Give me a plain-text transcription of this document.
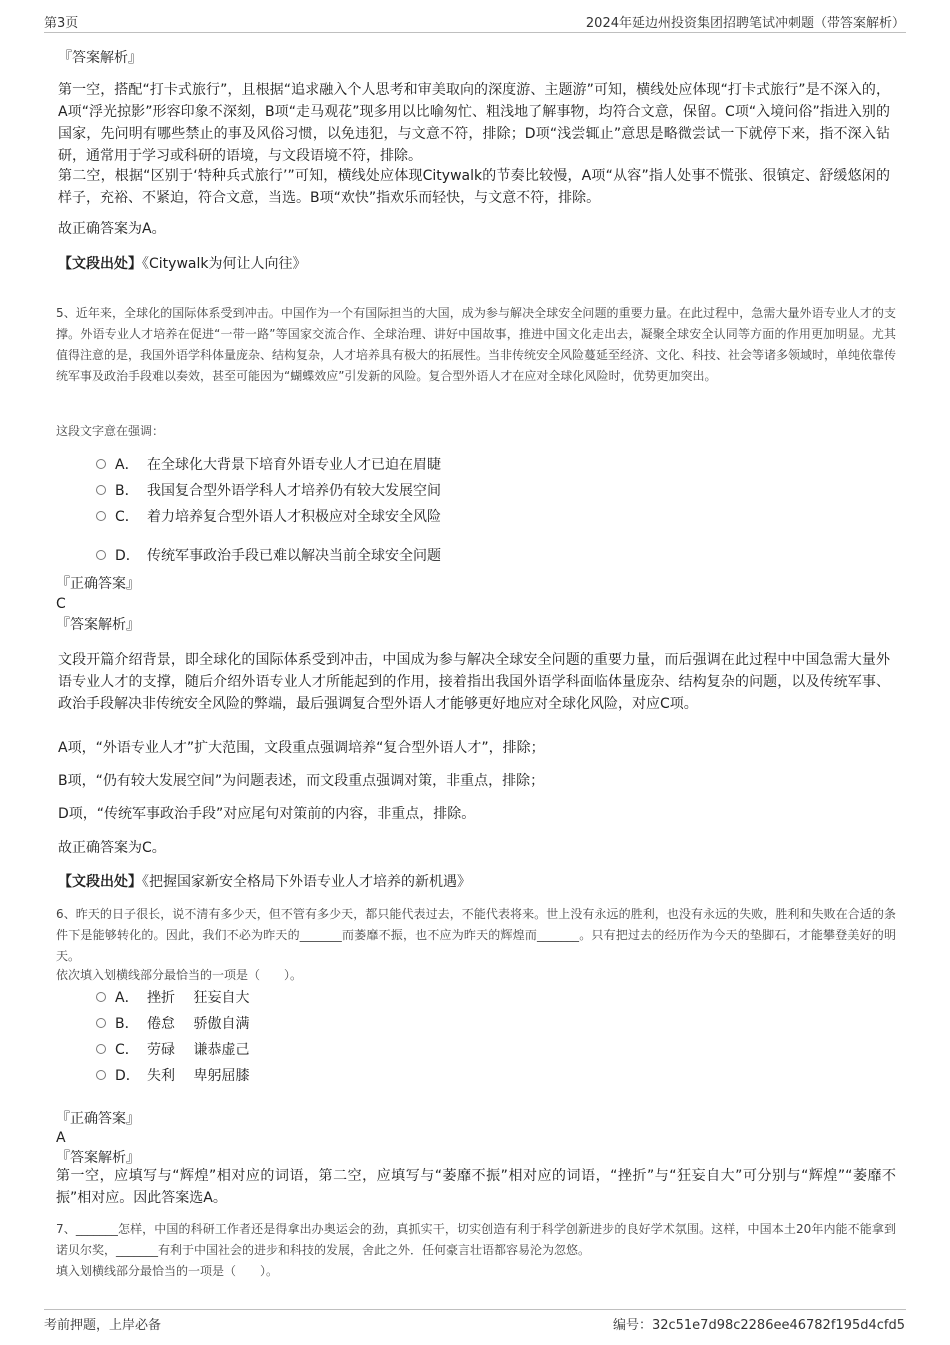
第3页	2024年延边州投资集团招聘笔试冲刺题（带答案解析）
『答案解析』

第一空，搭配“打卡式旅行”，且根据“追求融入个人思考和审美取向的深度游、主题游”可知，横线处应体现“打卡式旅行”是不深入的，A项“浮光掠影”形容印象不深刻，B项“走马观花”现多用以比喻匆忙、粗浅地了解事物，均符合文意，保留。C项“入境问俗”指进入别的国家，先问明有哪些禁止的事及风俗习惯，以免违犯，与文意不符，排除；D项“浅尝辄止”意思是略微尝试一下就停下来，指不深入钻研，通常用于学习或科研的语境，与文段语境不符，排除。

第二空，根据“区别于‘特种兵式旅行’”可知，横线处应体现Citywalk的节奏比较慢，A项“从容”指人处事不慌张、很镇定、舒缓悠闲的样子，充裕、不紧迫，符合文意，当选。B项“欢快”指欢乐而轻快，与文意不符，排除。

故正确答案为A。
【文段出处】《Citywalk为何让人向往》

5、近年来，全球化的国际体系受到冲击。中国作为一个有国际担当的大国，成为参与解决全球安全问题的重要力量。在此过程中，急需大量外语专业人才的支撑。外语专业人才培养在促进“一带一路”等国家交流合作、全球治理、讲好中国故事，推进中国文化走出去，凝聚全球安全认同等方面的作用更加明显。尤其值得注意的是，我国外语学科体量庞杂、结构复杂，人才培养具有极大的拓展性。当非传统安全风险蔓延至经济、文化、科技、社会等诸多领域时，单纯依靠传统军事及政治手段难以奏效，甚至可能因为“蝴蝶效应”引发新的风险。复合型外语人才在应对全球化风险时，优势更加突出。

这段文字意在强调：
A． 在全球化大背景下培育外语专业人才已迫在眉睫
B． 我国复合型外语学科人才培养仍有较大发展空间
C． 着力培养复合型外语人才积极应对全球安全风险
D． 传统军事政治手段已难以解决当前全球安全问题
『正确答案』
C
『答案解析』

文段开篇介绍背景，即全球化的国际体系受到冲击，中国成为参与解决全球安全问题的重要力量，而后强调在此过程中中国急需大量外语专业人才的支撑，随后介绍外语专业人才所能起到的作用，接着指出我国外语学科面临体量庞杂、结构复杂的问题，以及传统军事、政治手段解决非传统安全风险的弊端，最后强调复合型外语人才能够更好地应对全球化风险，对应C项。

A项，“外语专业人才”扩大范围，文段重点强调培养“复合型外语人才”，排除；
B项，“仍有较大发展空间”为问题表述，而文段重点强调对策，非重点，排除；
D项，“传统军事政治手段”对应尾句对策前的内容，非重点，排除。
故正确答案为C。
【文段出处】《把握国家新安全格局下外语专业人才培养的新机遇》

6、昨天的日子很长，说不清有多少天，但不管有多少天，都只能代表过去，不能代表将来。世上没有永远的胜利，也没有永远的失败，胜利和失败在合适的条件下是能够转化的。因此，我们不必为昨天的_______而萎靡不振，也不应为昨天的辉煌而_______。只有把过去的经历作为今天的垫脚石，才能攀登美好的明天。

依次填入划横线部分最恰当的一项是（　　）。
A． 挫折　 狂妄自大
B． 倦怠　 骄傲自满
C． 劳碌　 谦恭虚己
D． 失利　 卑躬屈膝
『正确答案』
A
『答案解析』

第一空，应填写与“辉煌”相对应的词语，第二空，应填写与“萎靡不振”相对应的词语，“挫折”与“狂妄自大”可分别与“辉煌”“萎靡不振”相对应。因此答案选A。

7、_______怎样，中国的科研工作者还是得拿出办奥运会的劲，真抓实干，切实创造有利于科学创新进步的良好学术氛围。这样，中国本土20年内能不能拿到诺贝尔奖，_______有利于中国社会的进步和科技的发展，舍此之外．任何豪言壮语都容易沦为忽悠。

填入划横线部分最恰当的一项是（　　）。
考前押题，上岸必备	编号：32c51e7d98c2286ee46782f195d4cfd5
